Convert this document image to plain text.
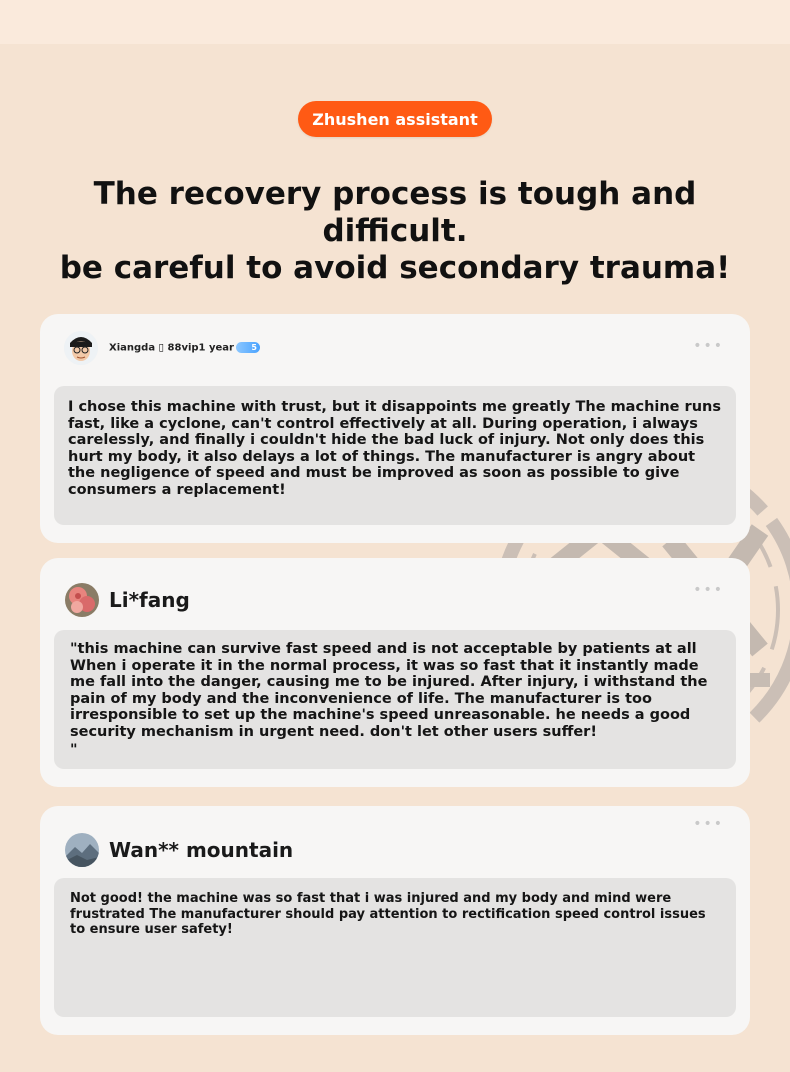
Zhushen assistant
The recovery process is tough and difficult.
be careful to avoid secondary trauma!
Xiangda ▯ 88vip1 year 5	•••
I chose this machine with trust, but it disappoints me greatly The machine runs fast, like a cyclone, can't control effectively at all. During operation, i always carelessly, and finally i couldn't hide the bad luck of injury. Not only does this hurt my body, it also delays a lot of things. The manufacturer is angry about the negligence of speed and must be improved as soon as possible to give consumers a replacement!
Li*fang	•••
"this machine can survive fast speed and is not acceptable by patients at all When i operate it in the normal process, it was so fast that it instantly made me fall into the danger, causing me to be injured. After injury, i withstand the pain of my body and the inconvenience of life. The manufacturer is too irresponsible to set up the machine's speed unreasonable. he needs a good security mechanism in urgent need. don't let other users suffer!
"
Wan** mountain
•••
Not good! the machine was so fast that i was injured and my body and mind were frustrated The manufacturer should pay attention to rectification speed control issues to ensure user safety!
